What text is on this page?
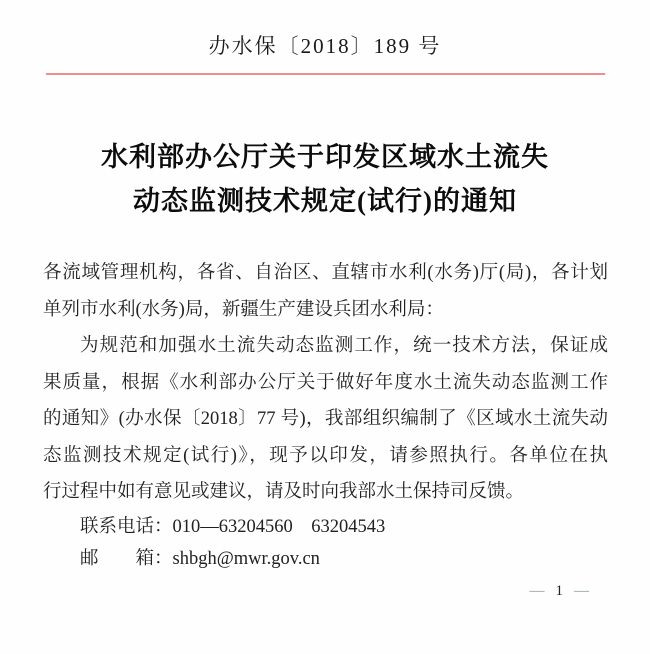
办水保〔2018〕189 号
水利部办公厅关于印发区域水土流失
动态监测技术规定(试行)的通知
各流域管理机构，各省、自治区、直辖市水利(水务)厅(局)，各计划
单列市水利(水务)局，新疆生产建设兵团水利局：
为规范和加强水土流失动态监测工作，统一技术方法，保证成
果质量，根据《水利部办公厅关于做好年度水土流失动态监测工作
的通知》(办水保〔2018〕77 号)，我部组织编制了《区域水土流失动
态监测技术规定(试行)》，现予以印发，请参照执行。各单位在执
行过程中如有意见或建议，请及时向我部水土保持司反馈。
联系电话：010—63204560　63204543
邮　　箱：shbgh@mwr.gov.cn
— 1 —
